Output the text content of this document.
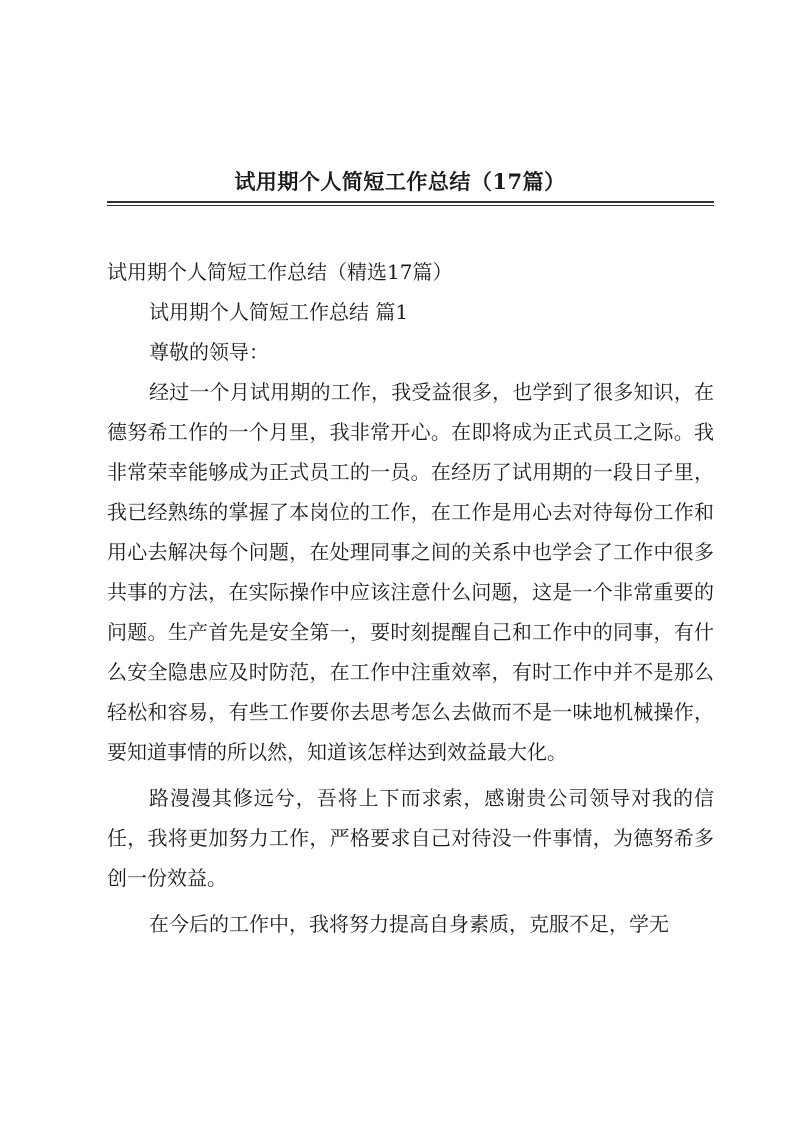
试用期个人简短工作总结（17篇）

试用期个人简短工作总结（精选17篇）

试用期个人简短工作总结 篇1

尊敬的领导：

经过一个月试用期的工作，我受益很多，也学到了很多知识，在德努希工作的一个月里，我非常开心。在即将成为正式员工之际。我非常荣幸能够成为正式员工的一员。在经历了试用期的一段日子里，我已经熟练的掌握了本岗位的工作，在工作是用心去对待每份工作和用心去解决每个问题，在处理同事之间的关系中也学会了工作中很多共事的方法，在实际操作中应该注意什么问题，这是一个非常重要的问题。生产首先是安全第一，要时刻提醒自己和工作中的同事，有什么安全隐患应及时防范，在工作中注重效率，有时工作中并不是那么轻松和容易，有些工作要你去思考怎么去做而不是一味地机械操作，要知道事情的所以然，知道该怎样达到效益最大化。

路漫漫其修远兮，吾将上下而求索，感谢贵公司领导对我的信任，我将更加努力工作，严格要求自己对待没一件事情，为德努希多创一份效益。

在今后的工作中，我将努力提高自身素质，克服不足，学无
